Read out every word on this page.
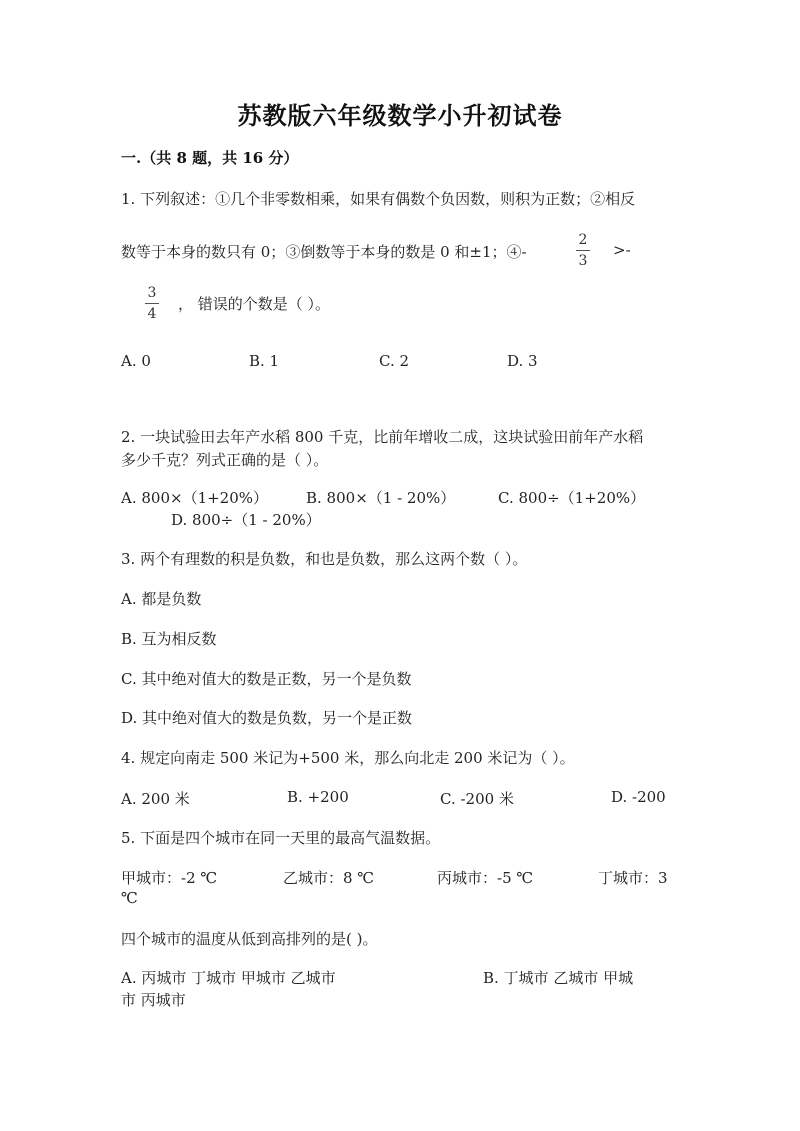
苏教版六年级数学小升初试卷
一.（共 8 题，共 16 分）
1. 下列叙述：①几个非零数相乘，如果有偶数个负因数，则积为正数；②相反
数等于本身的数只有 0；③倒数等于本身的数是 0 和±1；④-
2
3
>-
3
4
， 错误的个数是（ ）。
A. 0	B. 1	C. 2	D. 3
2. 一块试验田去年产水稻 800 千克，比前年增收二成，这块试验田前年产水稻
多少千克？列式正确的是（ ）。
A. 800×（1+20%）	B. 800×（1 - 20%）	C. 800÷（1+20%）
D. 800÷（1 - 20%）
3. 两个有理数的积是负数，和也是负数，那么这两个数（ ）。
A. 都是负数
B. 互为相反数
C. 其中绝对值大的数是正数，另一个是负数
D. 其中绝对值大的数是负数，另一个是正数
4. 规定向南走 500 米记为+500 米，那么向北走 200 米记为（ ）。
A. 200 米	B. +200	C. -200 米	D. -200
5. 下面是四个城市在同一天里的最高气温数据。
甲城市：-2 ℃	乙城市：8 ℃	丙城市：-5 ℃	丁城市：3
℃
四个城市的温度从低到高排列的是( )。
A. 丙城市 丁城市 甲城市 乙城市	B. 丁城市 乙城市 甲城
市 丙城市
